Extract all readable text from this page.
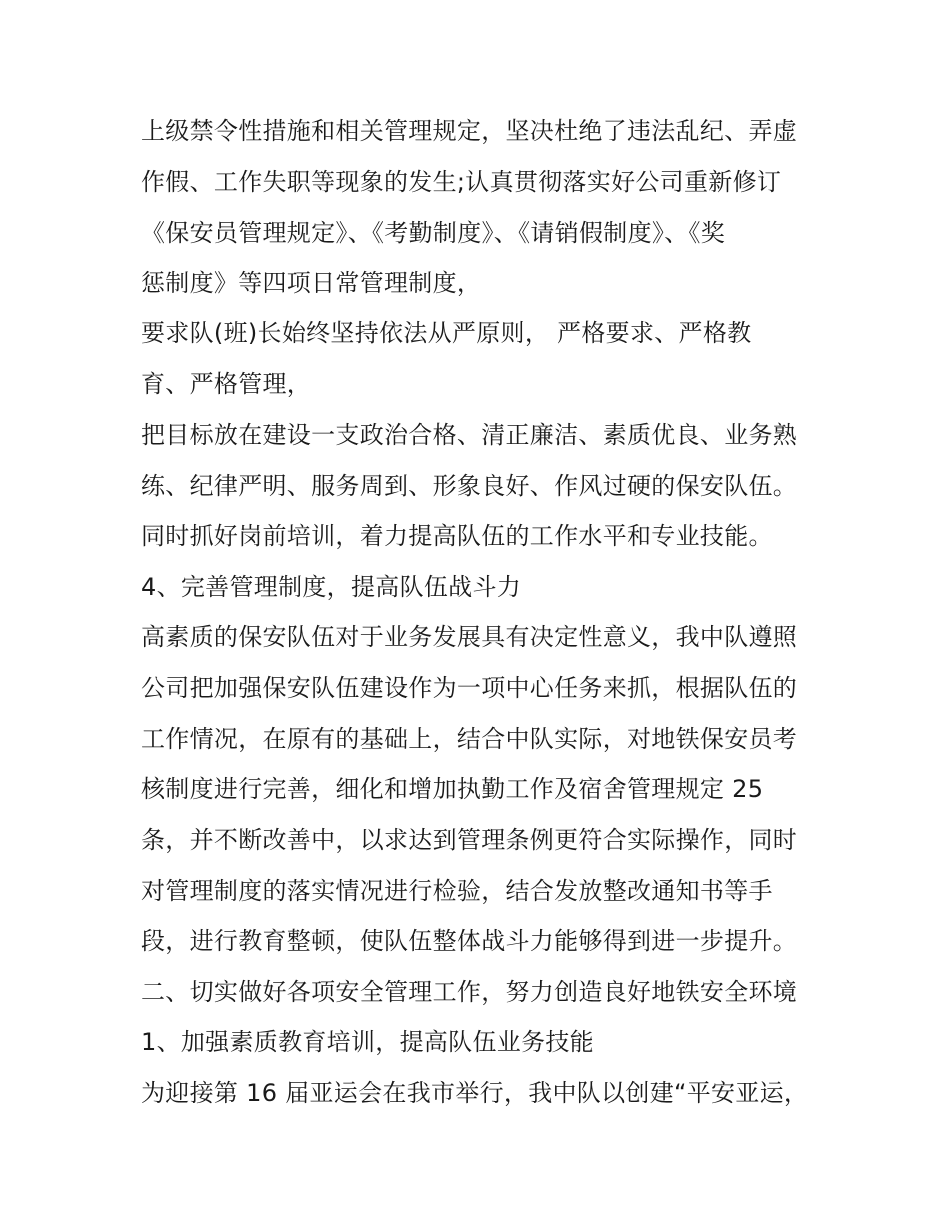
上级禁令性措施和相关管理规定，坚决杜绝了违法乱纪、弄虚
作假、工作失职等现象的发生;认真贯彻落实好公司重新修订
《保安员管理规定》、《考勤制度》、《请销假制度》、《奖
惩制度》等四项日常管理制度，
要求队(班)长始终坚持依法从严原则， 严格要求、严格教
育、严格管理，
把目标放在建设一支政治合格、清正廉洁、素质优良、业务熟
练、纪律严明、服务周到、形象良好、作风过硬的保安队伍。
同时抓好岗前培训，着力提高队伍的工作水平和专业技能。
4、完善管理制度，提高队伍战斗力
高素质的保安队伍对于业务发展具有决定性意义，我中队遵照
公司把加强保安队伍建设作为一项中心任务来抓，根据队伍的
工作情况，在原有的基础上，结合中队实际，对地铁保安员考
核制度进行完善，细化和增加执勤工作及宿舍管理规定 25
条，并不断改善中，以求达到管理条例更符合实际操作，同时
对管理制度的落实情况进行检验，结合发放整改通知书等手
段，进行教育整顿，使队伍整体战斗力能够得到进一步提升。
二、切实做好各项安全管理工作，努力创造良好地铁安全环境
1、加强素质教育培训，提高队伍业务技能
为迎接第 16 届亚运会在我市举行，我中队以创建“平安亚运，
